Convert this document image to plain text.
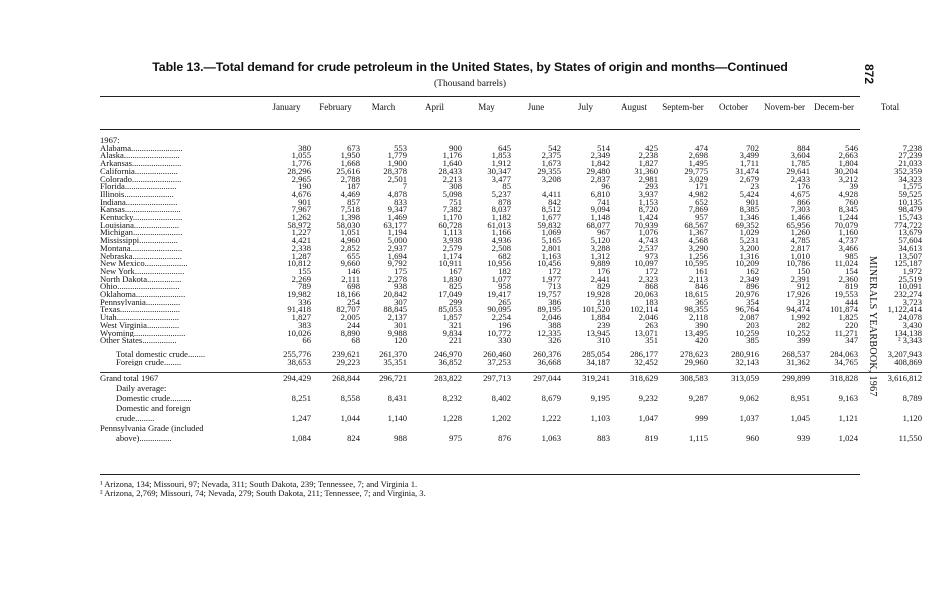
Table 13.—Total demand for crude petroleum in the United States, by States of origin and months—Continued
(Thousand barrels)	872
MINERALS YEARBOOK, 1967
January	February	March	April	May	June	July	August	Septem-ber	October	Novem-ber	Decem-ber	Total
1967:													
Alabama........................	380	673	553	900	645	542	514	425	474	702	884	546	7,238
Alaska..........................	1,055	1,950	1,779	1,176	1,853	2,375	2,349	2,238	2,698	3,499	3,604	2,663	27,239
Arkansas.......................	1,776	1,668	1,900	1,640	1,912	1,673	1,842	1,827	1,495	1,711	1,785	1,804	21,033
California....................	28,296	25,616	28,378	28,433	30,347	29,355	29,480	31,360	29,775	31,474	29,641	30,204	352,359
Colorado.......................	2,965	2,788	2,501	2,213	3,477	3,208	2,837	2,981	3,029	2,679	2,433	3,212	34,323
Florida........................	190	187	7	308	85		96	293	171	23	176	39	1,575
Illinois.......................	4,676	4,469	4,878	5,098	5,237	4,411	6,810	3,937	4,982	5,424	4,675	4,928	59,525
Indiana........................	901	857	833	751	878	842	741	1,153	652	901	866	760	10,135
Kansas..........................	7,967	7,518	9,347	7,382	8,037	8,512	9,094	8,720	7,869	8,385	7,303	8,345	98,479
Kentucky.......................	1,262	1,398	1,469	1,170	1,182	1,677	1,148	1,424	957	1,346	1,466	1,244	15,743
Louisiana.....................	58,972	58,030	63,177	60,728	61,013	59,832	68,077	70,939	68,567	69,352	65,956	70,079	774,722
Michigan.......................	1,227	1,051	1,194	1,113	1,166	1,069	967	1,076	1,367	1,029	1,260	1,160	13,679
Mississippi..................	4,421	4,960	5,000	3,938	4,936	5,165	5,120	4,743	4,568	5,231	4,785	4,737	57,604
Montana........................	2,338	2,852	2,937	2,579	2,508	2,801	3,288	2,537	3,290	3,200	2,817	3,466	34,613
Nebraska.......................	1,287	655	1,694	1,174	682	1,163	1,312	973	1,256	1,316	1,010	985	13,507
New Mexico....................	10,812	9,660	9,792	10,911	10,956	10,456	9,889	10,097	10,595	10,209	10,786	11,024	125,187
New York.......................	155	146	175	167	182	172	176	172	161	162	150	154	1,972
North Dakota................	2,269	2,111	2,278	1,830	1,077	1,977	2,441	2,323	2,113	2,349	2,391	2,360	25,519
Ohio.............................	789	698	938	825	958	713	829	868	846	896	912	819	10,091
Oklahoma.......................	19,982	18,166	20,842	17,049	19,417	19,757	19,928	20,063	18,615	20,976	17,926	19,553	232,274
Pennsylvania................	336	254	307	299	265	386	218	183	365	354	312	444	3,723
Texas............................	91,418	82,707	88,845	85,053	90,095	89,195	101,520	102,114	98,355	96,764	94,474	101,874	1,122,414
Utah.............................	1,827	2,005	2,137	1,857	2,254	2,046	1,884	2,046	2,118	2,087	1,992	1,825	24,078
West Virginia...............	383	244	301	321	196	388	239	263	390	203	282	220	3,430
Wyoming........................	10,026	8,890	9,988	9,834	10,772	12,335	13,945	13,071	13,495	10,259	10,252	11,271	134,138
Other States................	66	68	120	221	330	326	310	351	420	385	399	347	² 3,343

Total domestic crude........	255,776	239,621	261,370	246,970	260,460	260,376	285,054	286,177	278,623	280,916	268,537	284,063	3,207,943
Foreign crude........	38,653	29,223	35,351	36,852	37,253	36,668	34,187	32,452	29,960	32,143	31,362	34,765	408,869

Grand total 1967	294,429	268,844	296,721	283,822	297,713	297,044	319,241	318,629	308,583	313,059	299,899	318,828	3,616,812
Daily average:													
Domestic crude..........	8,251	8,558	8,431	8,232	8,402	8,679	9,195	9,232	9,287	9,062	8,951	9,163	8,789
Domestic and foreign													
crude.........	1,247	1,044	1,140	1,228	1,202	1,222	1,103	1,047	999	1,037	1,045	1,121	1,120
Pennsylvania Grade (included													
above)...............	1,084	824	988	975	876	1,063	883	819	1,115	960	939	1,024	11,550
¹ Arizona, 134; Missouri, 97; Nevada, 311; South Dakota, 239; Tennessee, 7; and Virginia 1.
² Arizona, 2,769; Missouri, 74; Nevada, 279; South Dakota, 211; Tennessee, 7; and Virginia, 3.
